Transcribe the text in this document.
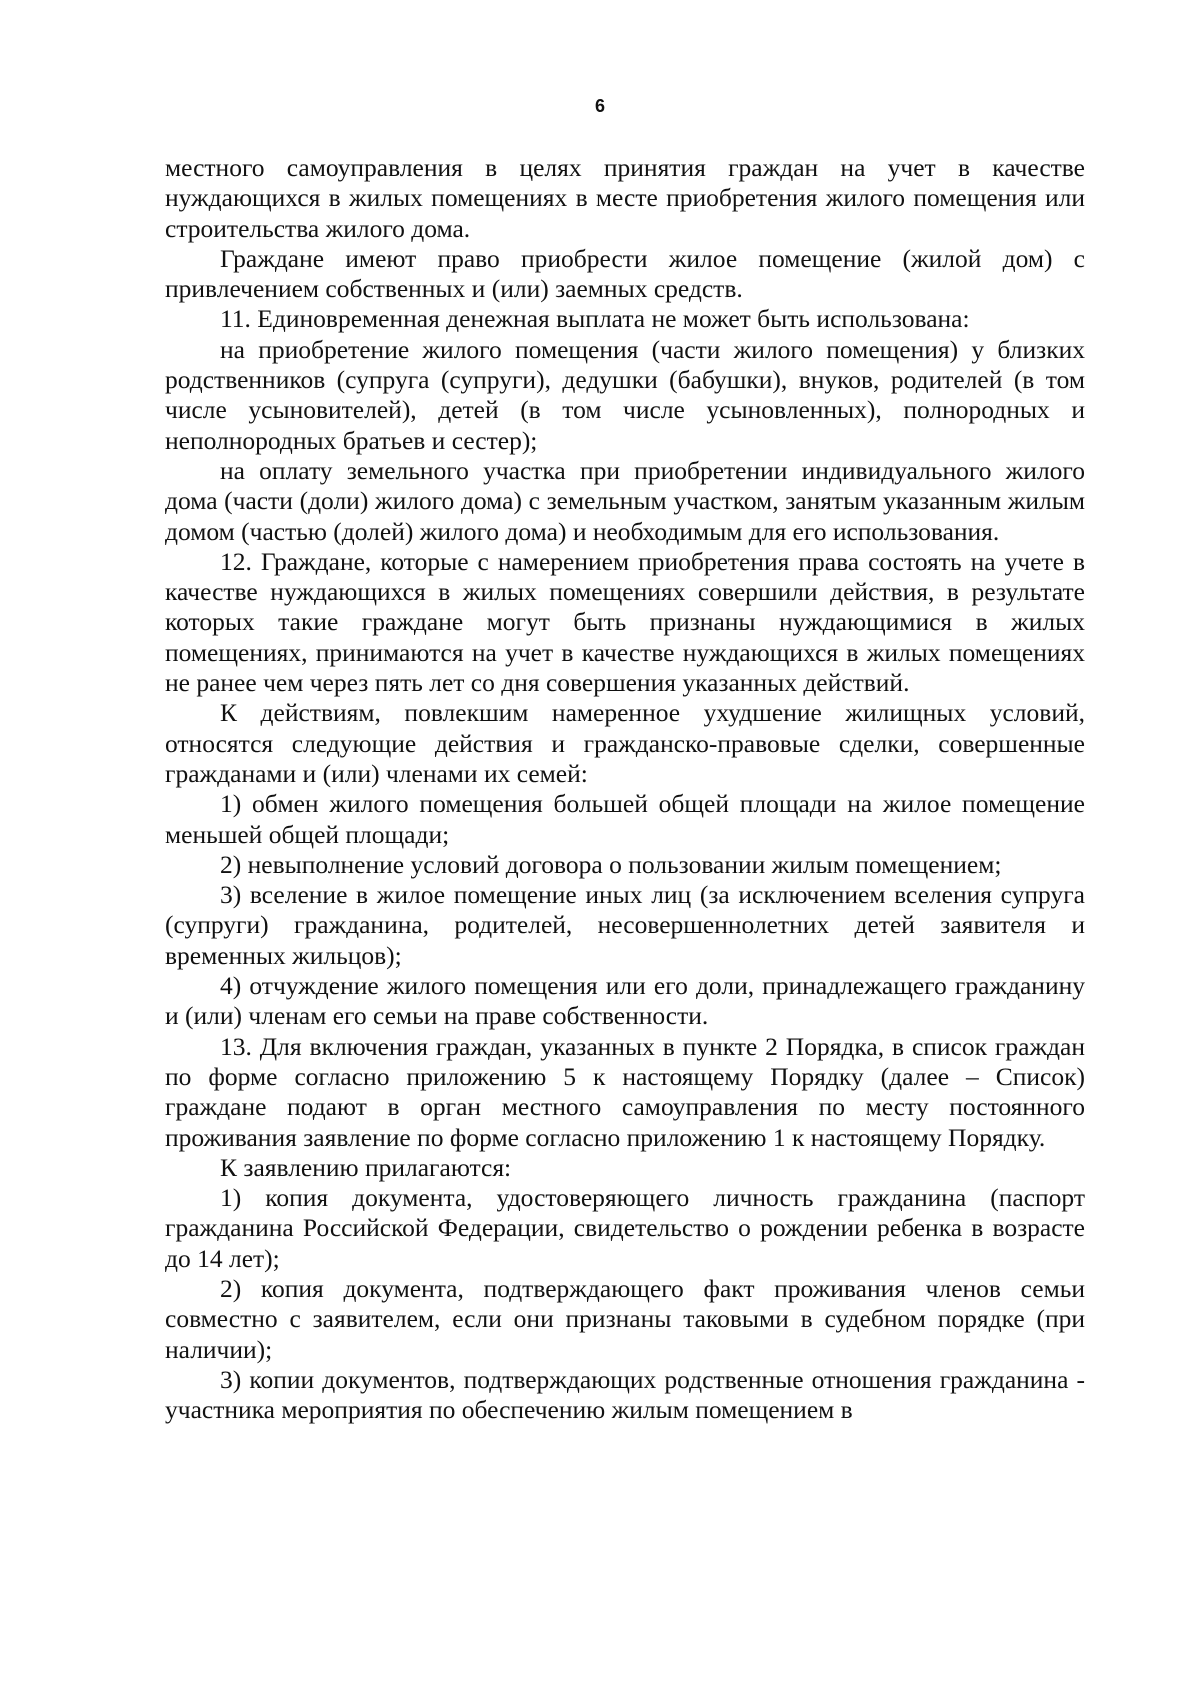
6

местного самоуправления в целях принятия граждан на учет в качестве нуждающихся в жилых помещениях в месте приобретения жилого помещения или строительства жилого дома.

Граждане имеют право приобрести жилое помещение (жилой дом) с привлечением собственных и (или) заемных средств.

11. Единовременная денежная выплата не может быть использована:

на приобретение жилого помещения (части жилого помещения) у близких родственников (супруга (супруги), дедушки (бабушки), внуков, родителей (в том числе усыновителей), детей (в том числе усыновленных), полнородных и неполнородных братьев и сестер);

на оплату земельного участка при приобретении индивидуального жилого дома (части (доли) жилого дома) с земельным участком, занятым указанным жилым домом (частью (долей) жилого дома) и необходимым для его использования.

12. Граждане, которые с намерением приобретения права состоять на учете в качестве нуждающихся в жилых помещениях совершили действия, в результате которых такие граждане могут быть признаны нуждающимися в жилых помещениях, принимаются на учет в качестве нуждающихся в жилых помещениях не ранее чем через пять лет со дня совершения указанных действий.

К действиям, повлекшим намеренное ухудшение жилищных условий, относятся следующие действия и гражданско-правовые сделки, совершенные гражданами и (или) членами их семей:

1) обмен жилого помещения большей общей площади на жилое помещение меньшей общей площади;

2) невыполнение условий договора о пользовании жилым помещением;

3) вселение в жилое помещение иных лиц (за исключением вселения супруга (супруги) гражданина, родителей, несовершеннолетних детей заявителя и временных жильцов);

4) отчуждение жилого помещения или его доли, принадлежащего гражданину и (или) членам его семьи на праве собственности.

13. Для включения граждан, указанных в пункте 2 Порядка, в список граждан по форме согласно приложению 5 к настоящему Порядку (далее – Список) граждане подают в орган местного самоуправления по месту постоянного проживания заявление по форме согласно приложению 1 к настоящему Порядку.

К заявлению прилагаются:

1) копия документа, удостоверяющего личность гражданина (паспорт гражданина Российской Федерации, свидетельство о рождении ребенка в возрасте до 14 лет);

2) копия документа, подтверждающего факт проживания членов семьи совместно с заявителем, если они признаны таковыми в судебном порядке (при наличии);

3) копии документов, подтверждающих родственные отношения гражданина - участника мероприятия по обеспечению жилым помещением в
